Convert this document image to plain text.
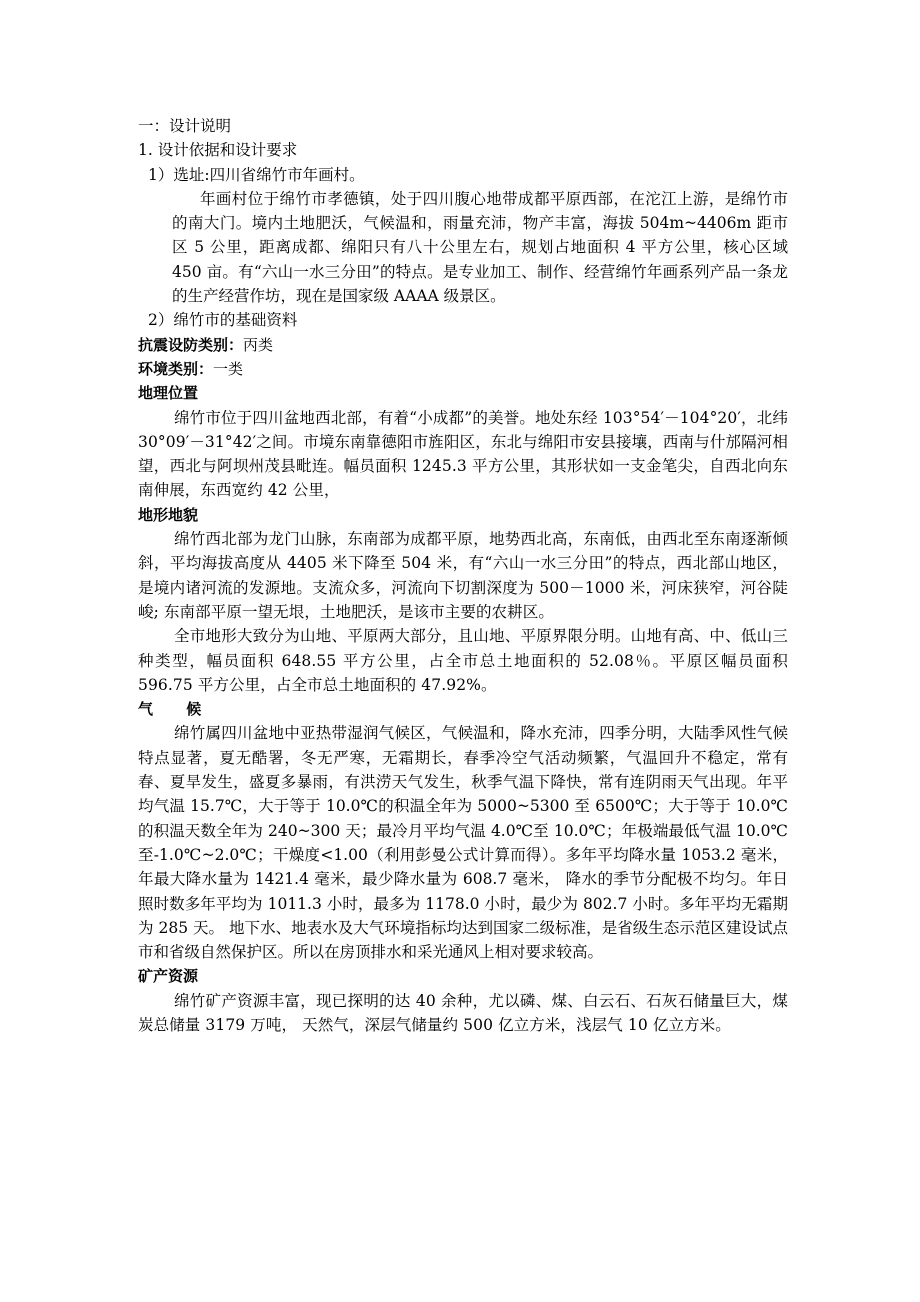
一：设计说明

1. 设计依据和设计要求

1）选址:四川省绵竹市年画村。

年画村位于绵竹市孝德镇，处于四川腹心地带成都平原西部，在沱江上游，是绵竹市的南大门。境内土地肥沃，气候温和，雨量充沛，物产丰富，海拔 504m~4406m 距市区 5 公里，距离成都、绵阳只有八十公里左右，规划占地面积 4 平方公里，核心区域 450 亩。有“六山一水三分田”的特点。是专业加工、制作、经营绵竹年画系列产品一条龙的生产经营作坊，现在是国家级 AAAA 级景区。

2）绵竹市的基础资料

抗震设防类别：丙类

环境类别：一类

地理位置

绵竹市位于四川盆地西北部，有着“小成都”的美誉。地处东经 103°54′－104°20′，北纬 30°09′－31°42′之间。市境东南靠德阳市旌阳区，东北与绵阳市安县接壤，西南与什邡隔河相望，西北与阿坝州茂县毗连。幅员面积 1245.3 平方公里，其形状如一支金笔尖，自西北向东南伸展，东西宽约 42 公里，

地形地貌

绵竹西北部为龙门山脉，东南部为成都平原，地势西北高，东南低，由西北至东南逐渐倾斜，平均海拔高度从 4405 米下降至 504 米，有“六山一水三分田”的特点，西北部山地区，是境内诸河流的发源地。支流众多，河流向下切割深度为 500－1000 米，河床狭窄，河谷陡峻; 东南部平原一望无垠，土地肥沃，是该市主要的农耕区。

全市地形大致分为山地、平原两大部分，且山地、平原界限分明。山地有高、中、低山三种类型，幅员面积 648.55 平方公里，占全市总土地面积的 52.08％。平原区幅员面积 596.75 平方公里，占全市总土地面积的 47.92%。

气 候

绵竹属四川盆地中亚热带湿润气候区，气候温和，降水充沛，四季分明，大陆季风性气候特点显著，夏无酷署，冬无严寒，无霜期长，春季冷空气活动频繁，气温回升不稳定，常有春、夏旱发生，盛夏多暴雨，有洪涝天气发生，秋季气温下降快，常有连阴雨天气出现。年平均气温 15.7℃，大于等于 10.0℃的积温全年为 5000~5300 至 6500℃；大于等于 10.0℃的积温天数全年为 240~300 天；最冷月平均气温 4.0℃至 10.0℃；年极端最低气温 10.0℃至-1.0℃~2.0℃；干燥度<1.00（利用彭曼公式计算而得）。多年平均降水量 1053.2 毫米，年最大降水量为 1421.4 毫米，最少降水量为 608.7 毫米， 降水的季节分配极不均匀。年日照时数多年平均为 1011.3 小时，最多为 1178.0 小时，最少为 802.7 小时。多年平均无霜期为 285 天。 地下水、地表水及大气环境指标均达到国家二级标准，是省级生态示范区建设试点市和省级自然保护区。所以在房顶排水和采光通风上相对要求较高。

矿产资源

绵竹矿产资源丰富，现已探明的达 40 余种，尤以磷、煤、白云石、石灰石储量巨大，煤炭总储量 3179 万吨， 天然气，深层气储量约 500 亿立方米，浅层气 10 亿立方米。
